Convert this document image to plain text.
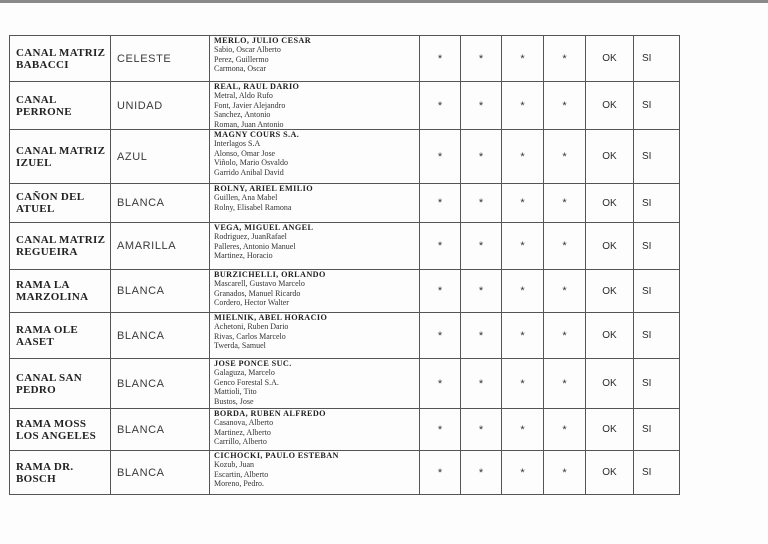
CANAL MATRIZ BABACCI	CELESTE	MERLO, JULIO CESAR
Sabio, Oscar Alberto
Perez, Guillermo
Carmona, Oscar	*	*	*	*	OK	SI
CANAL PERRONE	UNIDAD	REAL, RAUL DARIO
Metral, Aldo Rufo
Font, Javier Alejandro
Sanchez, Antonio
Roman, Juan Antonio	*	*	*	*	OK	SI
CANAL MATRIZ IZUEL	AZUL	MAGNY COURS S.A.
Interlagos S.A
Alonso, Omar Jose
Viñolo, Mario Osvaldo
Garrido Anibal David	*	*	*	*	OK	SI
CAÑON DEL ATUEL	BLANCA	ROLNY, ARIEL EMILIO
Guillen, Ana Mabel
Rolny, Elisabel Ramona	*	*	*	*	OK	SI
CANAL MATRIZ REGUEIRA	AMARILLA	VEGA, MIGUEL ANGEL
Rodriguez, JuanRafael
Palleres, Antonio Manuel
Martinez, Horacio	*	*	*	*	OK	SI
RAMA LA MARZOLINA	BLANCA	BURZICHELLI, ORLANDO
Mascarell, Gustavo Marcelo
Granados, Manuel Ricardo
Cordero, Hector Walter	*	*	*	*	OK	SI
RAMA OLE AASET	BLANCA	MIELNIK, ABEL HORACIO
Achetoni, Ruben Dario
Rivas, Carlos Marcelo
Twerda, Samuel	*	*	*	*	OK	SI
CANAL SAN PEDRO	BLANCA	JOSE PONCE SUC.
Galaguza, Marcelo
Genco Forestal S.A.
Mattioli, Tito
Bustos, Jose	*	*	*	*	OK	SI
RAMA MOSS LOS ANGELES	BLANCA	BORDA, RUBEN ALFREDO
Casanova, Alberto
Martinez, Alberto
Carrillo, Alberto	*	*	*	*	OK	SI
RAMA DR. BOSCH	BLANCA	CICHOCKI, PAULO ESTEBAN
Kozub, Juan
Escartin, Alberto
Moreno, Pedro.	*	*	*	*	OK	SI
